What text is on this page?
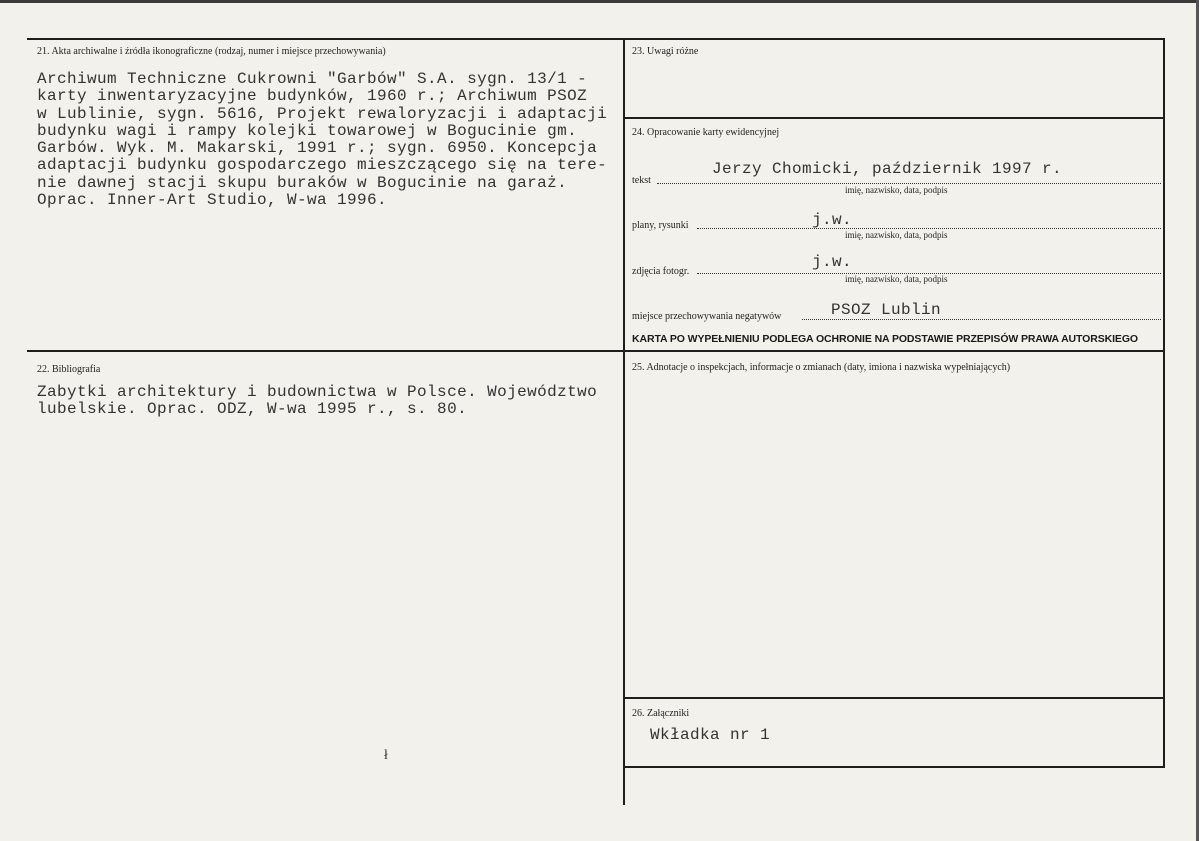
21. Akta archiwalne i źródła ikonograficzne (rodzaj, numer i miejsce przechowywania)
Archiwum Techniczne Cukrowni "Garbów" S.A. sygn. 13/1 -
karty inwentaryzacyjne budynków, 1960 r.; Archiwum PSOZ
w Lublinie, sygn. 5616, Projekt rewaloryzacji i adaptacji
budynku wagi i rampy kolejki towarowej w Bogucinie gm.
Garbów. Wyk. M. Makarski, 1991 r.; sygn. 6950. Koncepcja
adaptacji budynku gospodarczego mieszczącego się na tere-
nie dawnej stacji skupu buraków w Bogucinie na garaż.
Oprac. Inner-Art Studio, W-wa 1996.
22. Bibliografia
Zabytki architektury i budownictwa w Polsce. Województwo
lubelskie. Oprac. ODZ, W-wa 1995 r., s. 80.
ł
23. Uwagi różne
24. Opracowanie karty ewidencyjnej
tekst
Jerzy Chomicki, październik 1997 r.
imię, nazwisko, data, podpis
plany, rysunki	j.w.
imię, nazwisko, data, podpis
zdjęcia fotogr.
j.w.
imię, nazwisko, data, podpis
miejsce przechowywania negatywów	PSOZ Lublin
KARTA PO WYPEŁNIENIU PODLEGA OCHRONIE NA PODSTAWIE PRZEPISÓW PRAWA AUTORSKIEGO
25. Adnotacje o inspekcjach, informacje o zmianach (daty, imiona i nazwiska wypełniających)
26. Załączniki
Wkładka nr 1
